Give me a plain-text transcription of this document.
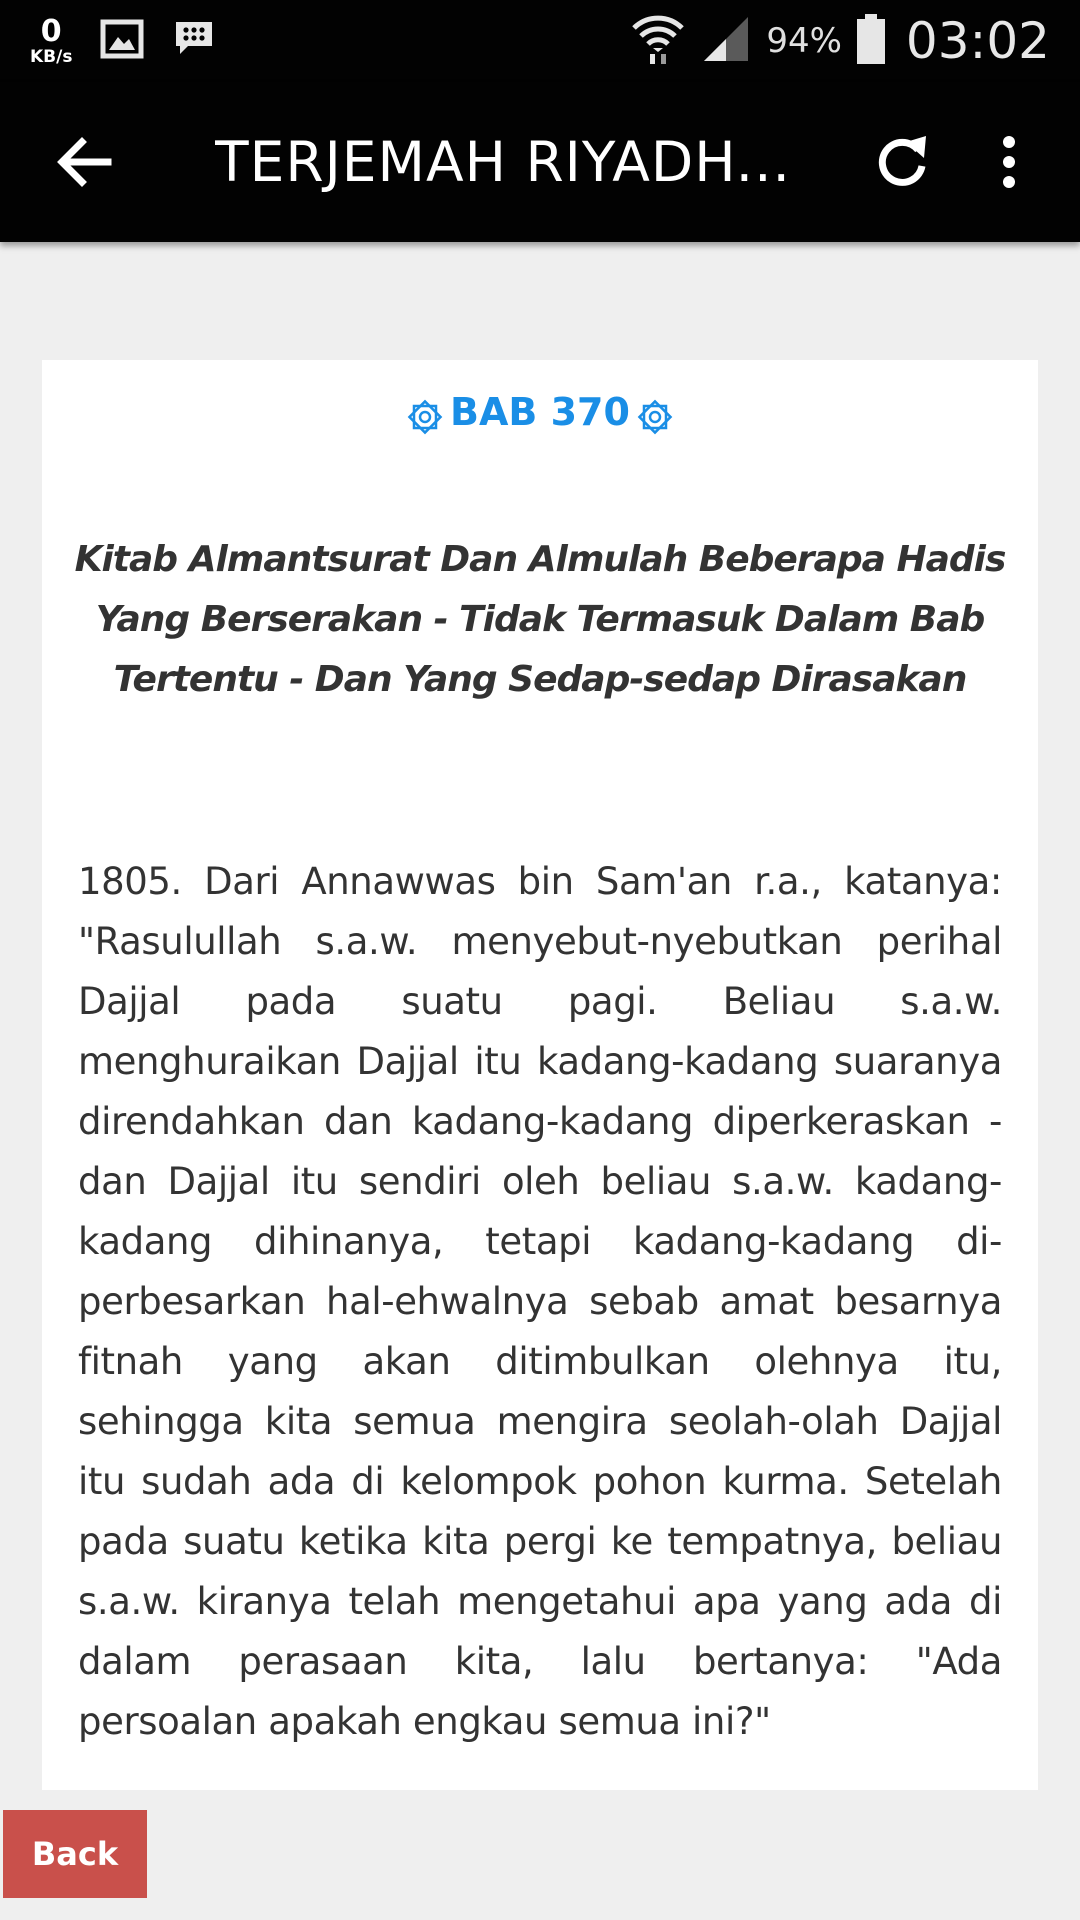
0
KB/s	94% 03:02
TERJEMAH RIYADH...
BAB 370
Kitab Almantsurat Dan Almulah Beberapa Hadis Yang Berserakan - Tidak Termasuk Dalam Bab Tertentu - Dan Yang Sedap-sedap Dirasakan
1805. Dari Annawwas bin Sam'an r.a., katanya: "Rasulullah s.a.w. menyebut-nyebutkan perihal Dajjal pada suatu pagi. Beliau s.a.w. menghuraikan Dajjal itu kadang-kadang suaranya direndahkan dan kadang-kadang diperkeraskan - dan Dajjal itu sendiri oleh beliau s.a.w. kadang-kadang dihinanya, tetapi kadang-kadang di-perbesarkan hal-ehwalnya sebab amat besarnya fitnah yang akan ditimbulkan olehnya itu, sehingga kita semua mengira seolah-olah Dajjal itu sudah ada di kelompok pohon kurma. Setelah pada suatu ketika kita pergi ke tempatnya, beliau s.a.w. kiranya telah mengetahui apa yang ada di dalam perasaan kita, lalu bertanya: "Ada persoalan apakah engkau semua ini?"
Back
